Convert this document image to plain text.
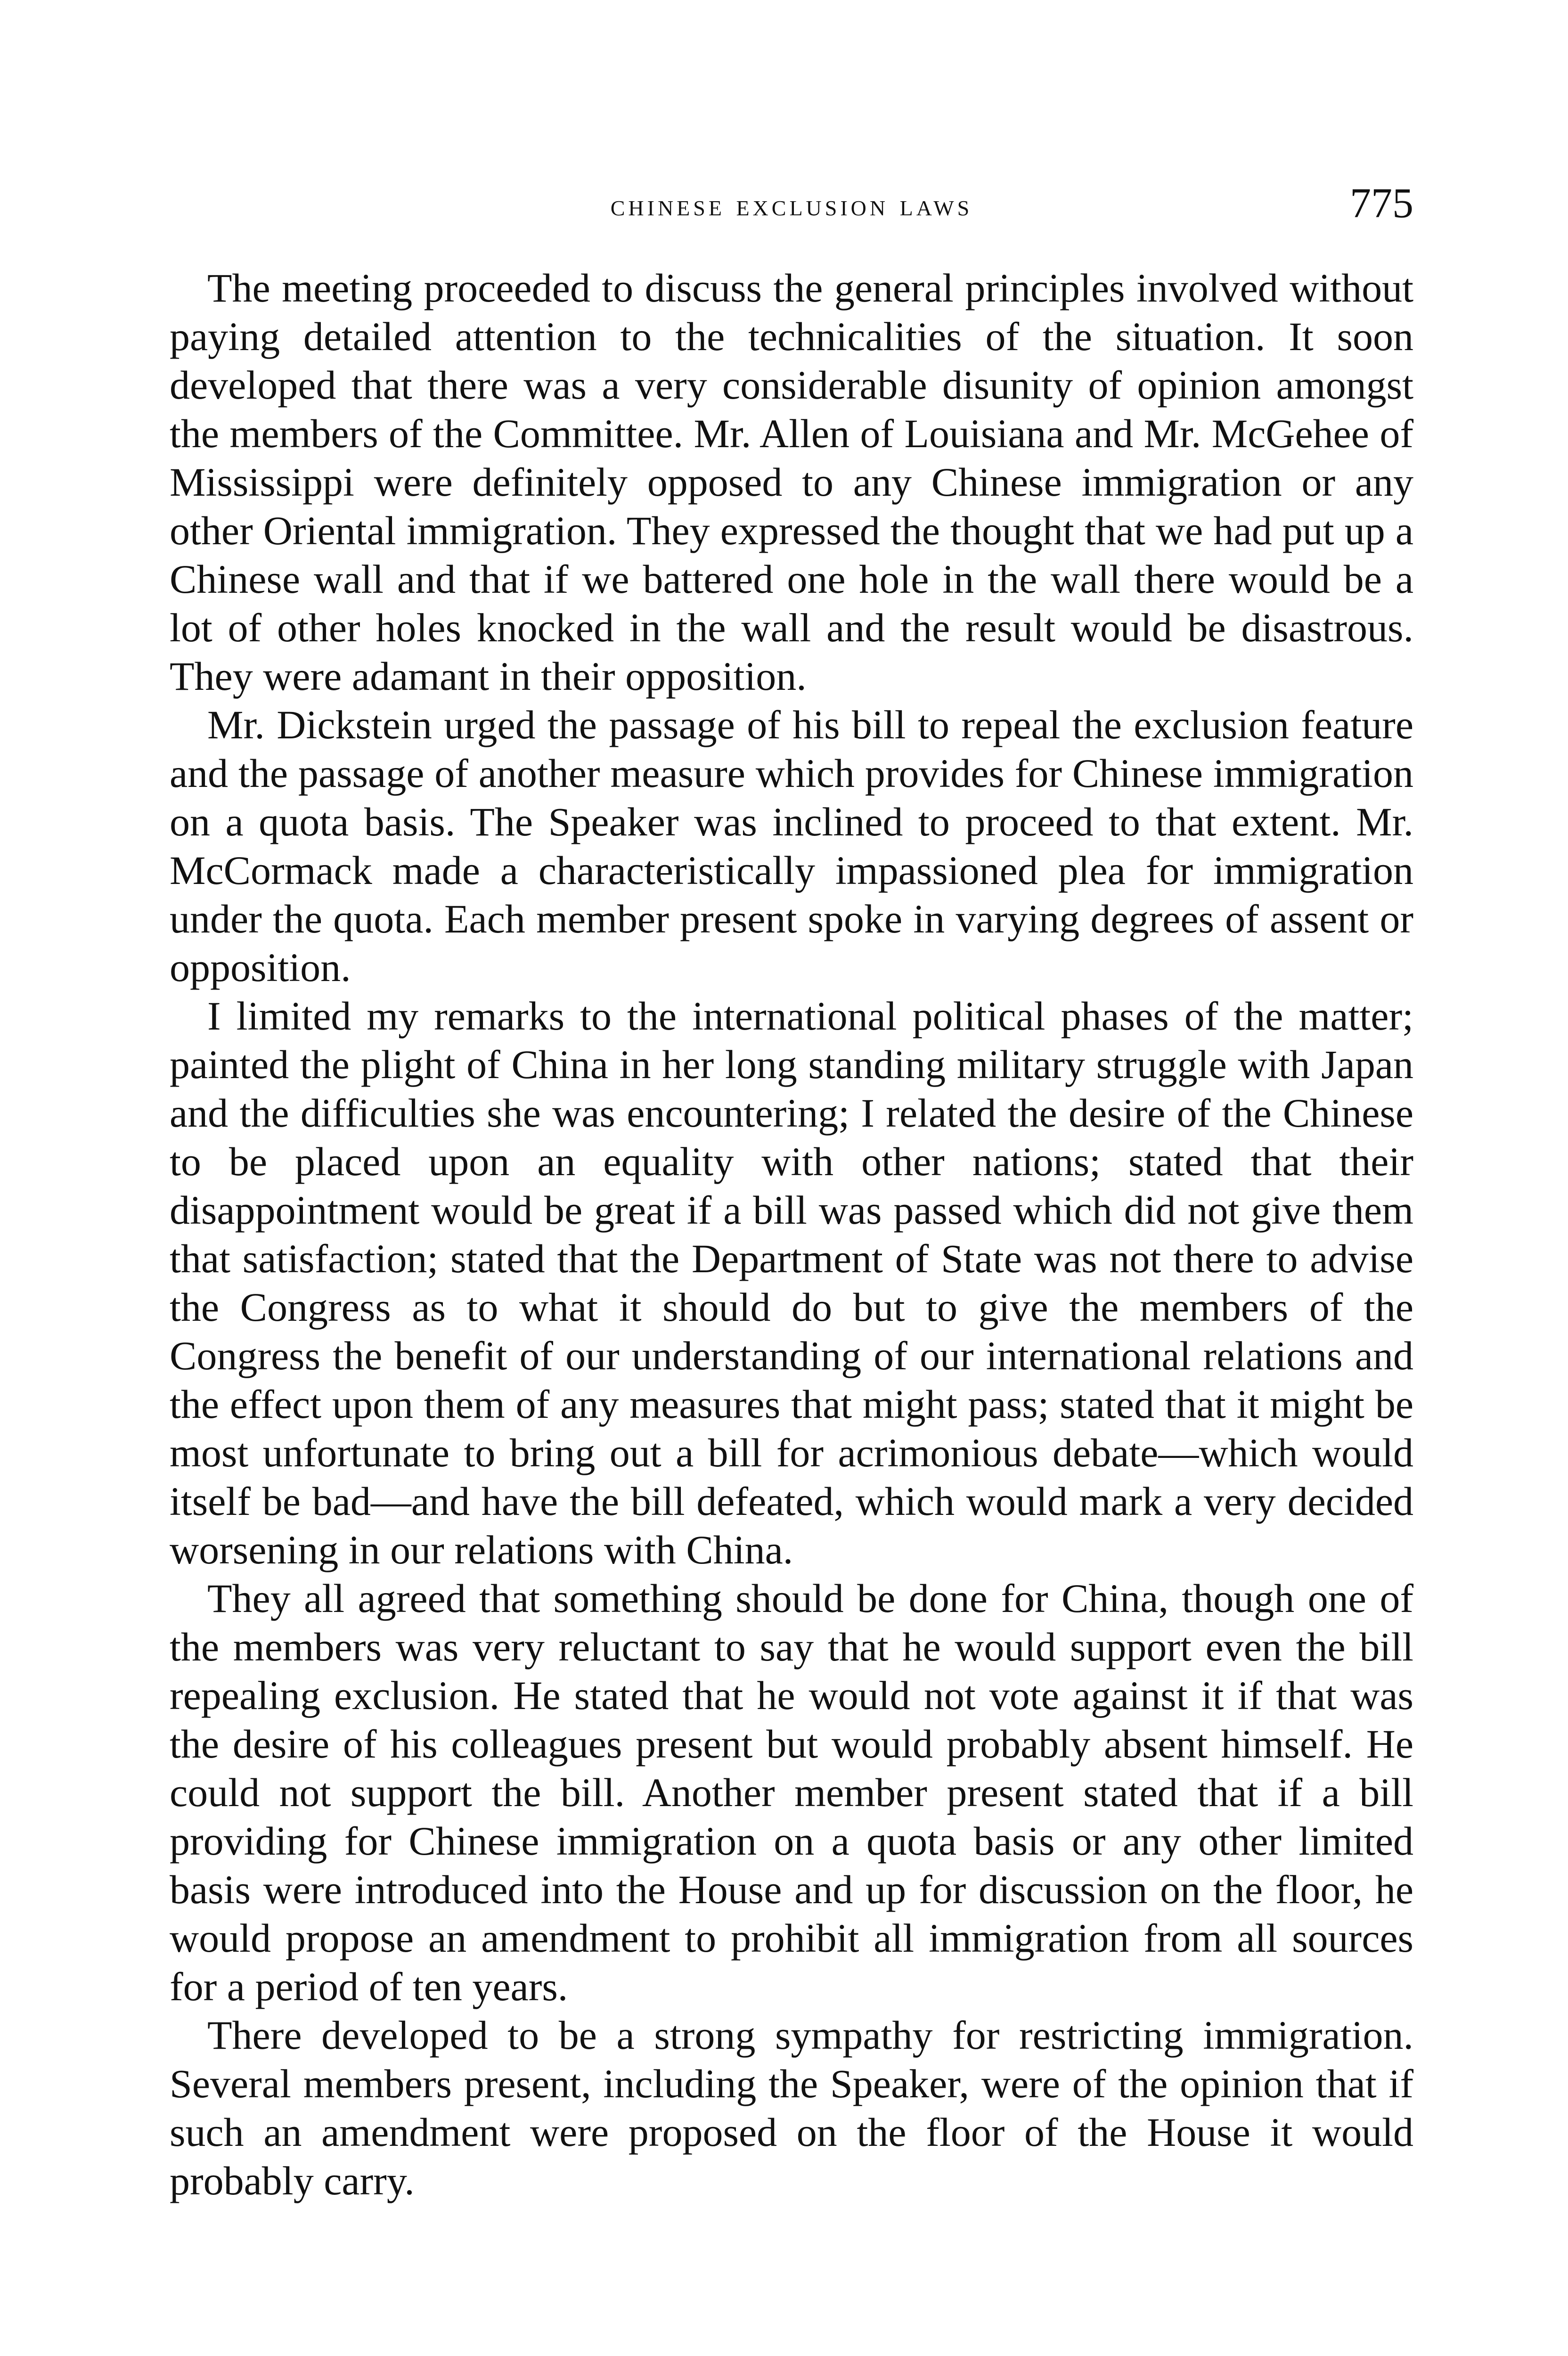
chinese exclusion laws	775

The meeting proceeded to discuss the general principles involved without paying detailed attention to the technicalities of the situation. It soon developed that there was a very considerable disunity of opinion amongst the members of the Committee. Mr. Allen of Louisiana and Mr. McGehee of Mississippi were definitely opposed to any Chinese immigration or any other Oriental immigration. They expressed the thought that we had put up a Chinese wall and that if we battered one hole in the wall there would be a lot of other holes knocked in the wall and the result would be disastrous. They were adamant in their opposition.

Mr. Dickstein urged the passage of his bill to repeal the exclusion feature and the passage of another measure which provides for Chinese immigration on a quota basis. The Speaker was inclined to proceed to that extent. Mr. McCormack made a characteristically impassioned plea for immigration under the quota. Each member present spoke in varying degrees of assent or opposition.

I limited my remarks to the international political phases of the matter; painted the plight of China in her long standing military struggle with Japan and the difficulties she was encountering; I related the desire of the Chinese to be placed upon an equality with other nations; stated that their disappointment would be great if a bill was passed which did not give them that satisfaction; stated that the Department of State was not there to advise the Congress as to what it should do but to give the members of the Congress the benefit of our understanding of our international relations and the effect upon them of any measures that might pass; stated that it might be most unfortunate to bring out a bill for acrimonious debate—which would itself be bad—and have the bill defeated, which would mark a very decided worsening in our relations with China.

They all agreed that something should be done for China, though one of the members was very reluctant to say that he would support even the bill repealing exclusion. He stated that he would not vote against it if that was the desire of his colleagues present but would probably absent himself. He could not support the bill. Another member present stated that if a bill providing for Chinese immigration on a quota basis or any other limited basis were introduced into the House and up for discussion on the floor, he would propose an amendment to prohibit all immigration from all sources for a period of ten years.

There developed to be a strong sympathy for restricting immigration. Several members present, including the Speaker, were of the opinion that if such an amendment were proposed on the floor of the House it would probably carry.
